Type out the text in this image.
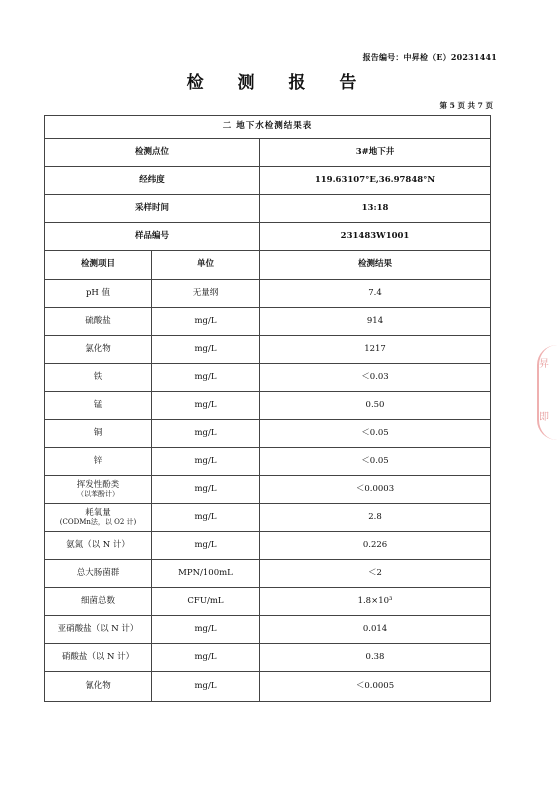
报告编号：中昇检（E）20231441
检 测 报 告
第 5 页 共 7 页
二 地下水检测结果表		
检测点位		3#地下井
经纬度		119.63107°E,36.97848°N
采样时间		13:18
样品编号		231483W1001
检测项目	单位	检测结果
pH 值	无量纲	7.4
硫酸盐	mg/L	914
氯化物	mg/L	1217
铁	mg/L	＜0.03
锰	mg/L	0.50
铜	mg/L	＜0.05
锌	mg/L	＜0.05
挥发性酚类
（以苯酚计）	mg/L	＜0.0003
耗氧量
(CODMn法，以 O2 计)	mg/L	2.8
氨氮（以 N 计）	mg/L	0.226
总大肠菌群	MPN/100mL	＜2
细菌总数	CFU/mL	1.8×10³
亚硝酸盐（以 N 计）	mg/L	0.014
硝酸盐（以 N 计）	mg/L	0.38
氰化物	mg/L	＜0.0005
昇
即
